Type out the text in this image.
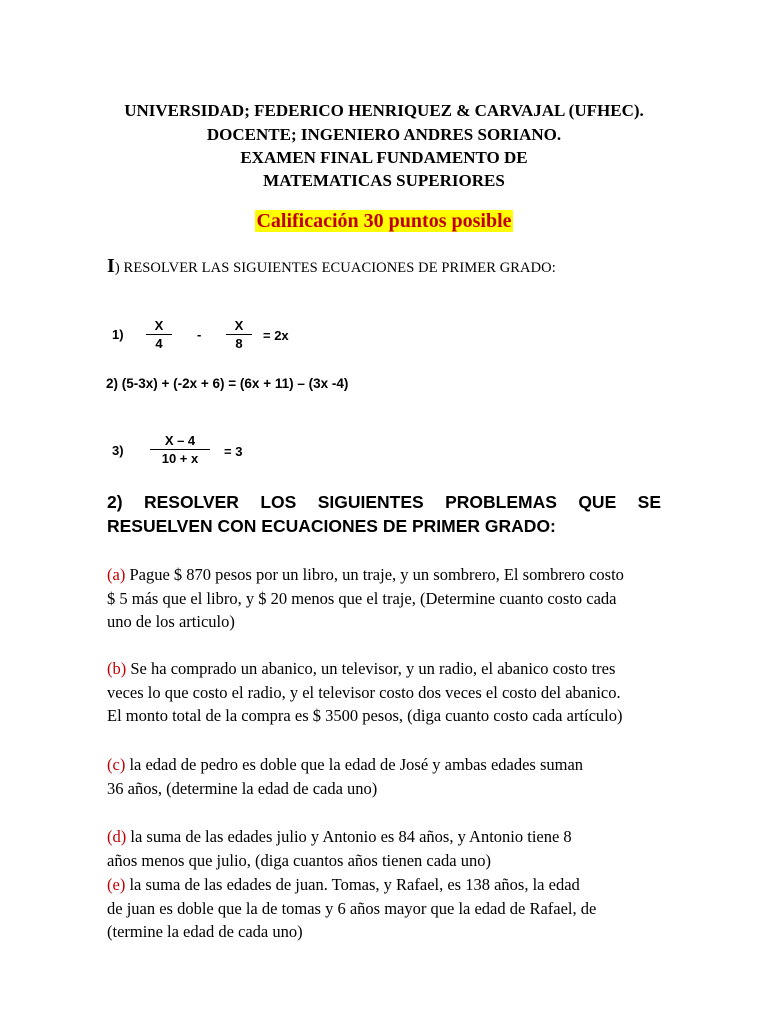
UNIVERSIDAD; FEDERICO HENRIQUEZ & CARVAJAL (UFHEC).
DOCENTE; INGENIERO ANDRES SORIANO.
EXAMEN FINAL FUNDAMENTO DE
MATEMATICAS SUPERIORES
Calificación 30 puntos posible
I) RESOLVER LAS SIGUIENTES ECUACIONES DE PRIMER GRADO:
$1) \frac{X}{4} - \frac{X}{8} = 2x$
2) (5-3x) + (-2x + 6) = (6x + 11) – (3x -4)
$3) \frac{X - 4}{10 + x} = 3$
2) RESOLVER LOS SIGUIENTES PROBLEMAS QUE SE
RESUELVEN CON ECUACIONES DE PRIMER GRADO:
(a) Pague $ 870 pesos por un libro, un traje, y un sombrero, El sombrero costo
$ 5 más que el libro, y $ 20 menos que el traje, (Determine cuanto costo cada
uno de los articulo)
(b) Se ha comprado un abanico, un televisor, y un radio, el abanico costo tres
veces lo que costo el radio, y el televisor costo dos veces el costo del abanico.
El monto total de la compra es $ 3500 pesos, (diga cuanto costo cada artículo)
(c) la edad de pedro es doble que la edad de José y ambas edades suman
36 años, (determine la edad de cada uno)
(d) la suma de las edades julio y Antonio es 84 años, y Antonio tiene 8
años menos que julio, (diga cuantos años tienen cada uno)
(e) la suma de las edades de juan. Tomas, y Rafael, es 138 años, la edad
de juan es doble que la de tomas y 6 años mayor que la edad de Rafael, de
(termine la edad de cada uno)
